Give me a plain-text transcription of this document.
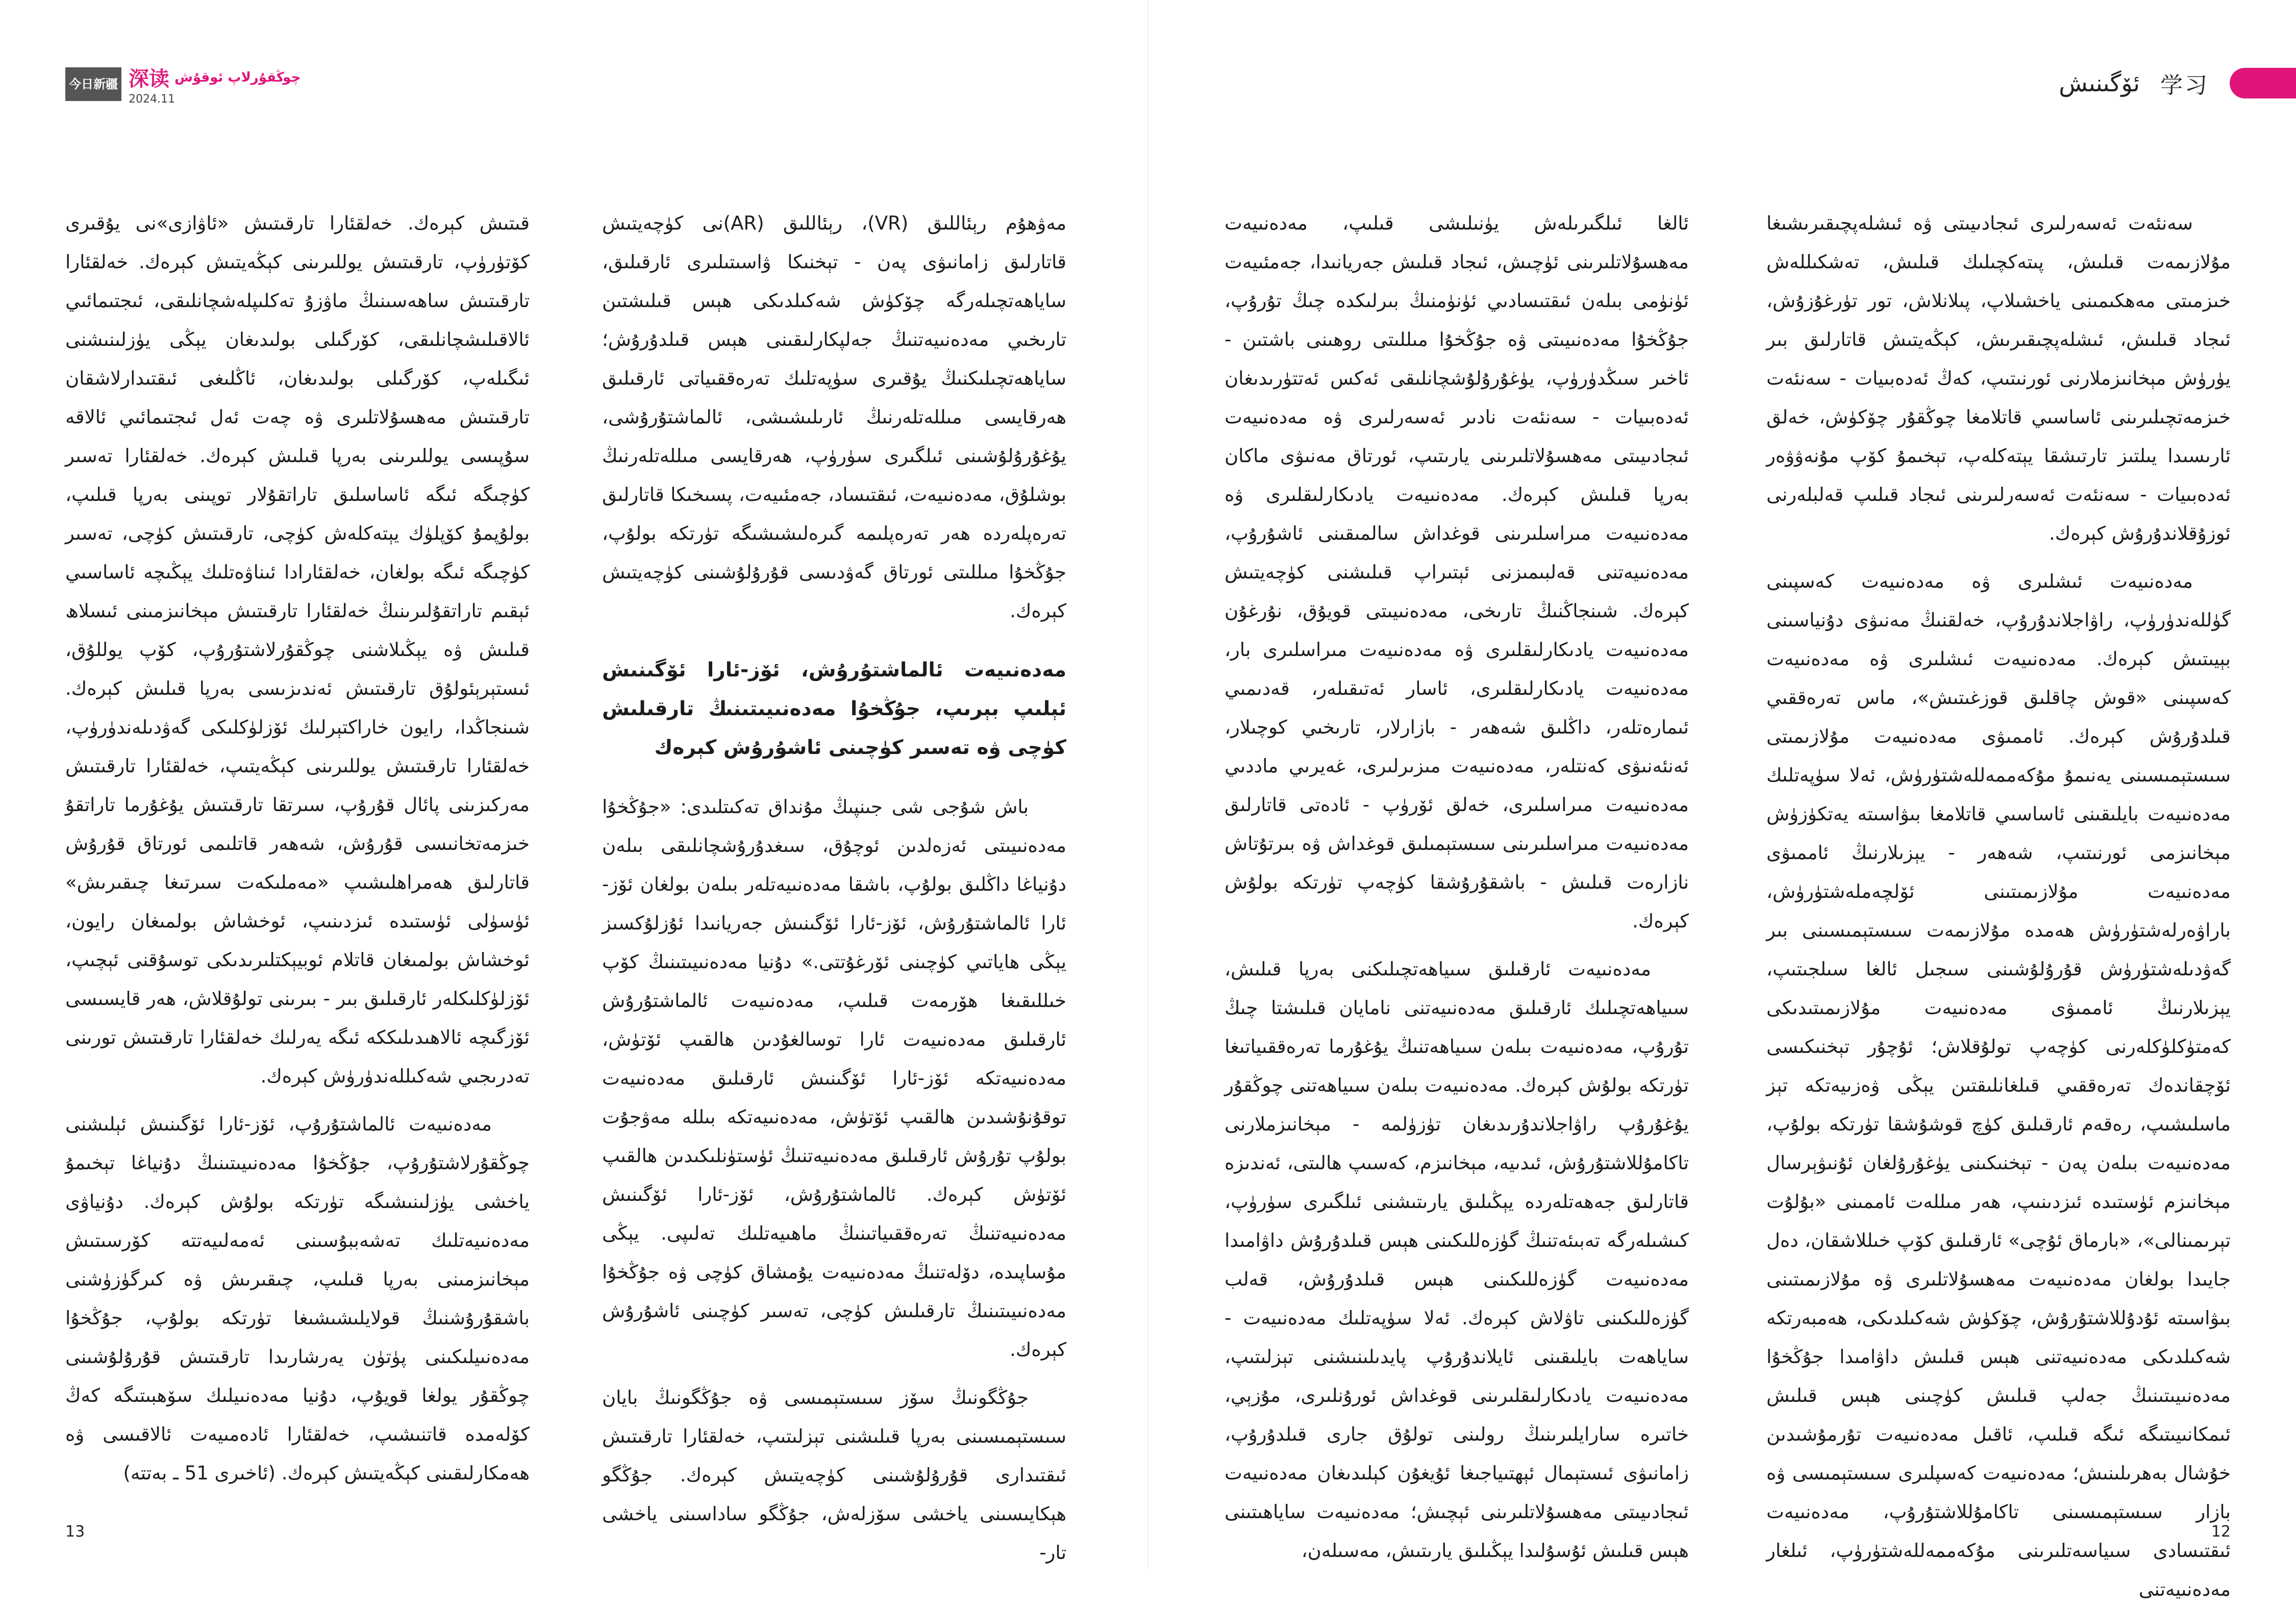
今日新疆 深读 چوڭقۇرلاپ ئوقۇش
2024.11

مەۋھۇم رېئاللىق (VR)، رېئاللىق (AR)نى كۈچەيتىش قاتارلىق زامانىۋى پەن - تېخنىكا ۋاسىتىلىرى ئارقىلىق، ساياھەتچىلەرگە چۆكۈش شەكىلدىكى ھېس قىلىشتىن تارىخىي مەدەنىيەتنىڭ جەلپكارلىقىنى ھېس قىلدۇرۇش؛ ساياھەتچىلىكنىڭ يۇقىرى سۈپەتلىك تەرەققىياتى ئارقىلىق ھەرقايسى مىللەتلەرنىڭ ئارىلىشىشى، ئالماشتۇرۇشى، يۇغۇرۇلۇشىنى ئىلگىرى سۈرۈپ، ھەرقايسى مىللەتلەرنىڭ بوشلۇق، مەدەنىيەت، ئىقتىساد، جەمئىيەت، پسىخىكا قاتارلىق تەرەپلەردە ھەر تەرەپلىمە گىرەلىشىشىگە تۈرتكە بولۇپ، جۇڭخۇا مىللىتى ئورتاق گەۋدىسى قۇرۇلۇشىنى كۈچەيتىش كېرەك.

مەدەنىيەت ئالماشتۇرۇش، ئۆز-ئارا ئۆگىنىش ئېلىپ بېرىپ، جۇڭخۇا مەدەنىيىتىنىڭ تارقىلىش كۈچى ۋە تەسىر كۈچىنى ئاشۇرۇش كېرەك

باش شۇجى شى جىنپىڭ مۇنداق تەكىتلىدى: «جۇڭخۇا مەدەنىيىتى ئەزەلدىن ئوچۇق، سىغدۇرۇشچانلىقى بىلەن دۇنياغا داڭلىق بولۇپ، باشقا مەدەنىيەتلەر بىلەن بولغان ئۆز-ئارا ئالماشتۇرۇش، ئۆز-ئارا ئۆگىنىش جەريانىدا ئۇزلۇكسىز يېڭى ھاياتىي كۈچىنى ئۆرغۇتتى.» دۇنيا مەدەنىيىتىنىڭ كۆپ خىللىقىغا ھۆرمەت قىلىپ، مەدەنىيەت ئالماشتۇرۇش ئارقىلىق مەدەنىيەت ئارا توسالغۇدىن ھالقىپ ئۆتۈش، مەدەنىيەتكە ئۆز-ئارا ئۆگىنىش ئارقىلىق مەدەنىيەت توقۇنۇشىدىن ھالقىپ ئۆتۈش، مەدەنىيەتكە بىللە مەۋجۇت بولۇپ تۇرۇش ئارقىلىق مەدەنىيەتنىڭ ئۈستۈنلىكىدىن ھالقىپ ئۆتۈش كېرەك. ئالماشتۇرۇش، ئۆز-ئارا ئۆگىنىش مەدەنىيەتنىڭ تەرەققىياتىنىڭ ماھىيەتلىك تەلىپى. يېڭى مۇساپىدە، دۆلەتنىڭ مەدەنىيەت يۇمشاق كۈچى ۋە جۇڭخۇا مەدەنىيىتىنىڭ تارقىلىش كۈچى، تەسىر كۈچىنى ئاشۇرۇش كېرەك.

جۇڭگونىڭ سۆز سىستېمىسى ۋە جۇڭگونىڭ بايان سىستېمىسىنى بەرپا قىلىشنى تېزلىتىپ، خەلقئارا تارقىتىش ئىقتىدارى قۇرۇلۇشىنى كۈچەيتىش كېرەك. جۇڭگو ھېكايىسىنى ياخشى سۆزلەش، جۇڭگو ساداسىنى ياخشى تار-

قىتىش كېرەك. خەلقئارا تارقىتىش «ئاۋازى»نى يۇقىرى كۆتۈرۈپ، تارقىتىش يوللىرىنى كېڭەيتىش كېرەك. خەلقئارا تارقىتىش ساھەسىنىڭ ماۋزۇ تەكلىپلەشچانلىقى، ئىجتىمائىي ئالاقىلىشچانلىقى، كۆرگىلى بولىدىغان يېڭى يۈزلىنىشنى ئىگىلەپ، كۆرگىلى بولىدىغان، ئاڭلىغى ئىقتىدارلاشقان تارقىتىش مەھسۇلاتلىرى ۋە چەت ئەل ئىجتىمائىي ئالاقە سۇپىسى يوللىرىنى بەرپا قىلىش كېرەك. خەلقئارا تەسىر كۈچىگە ئىگە ئاساسلىق تاراتقۇلار توپىنى بەرپا قىلىپ، بولۇپمۇ كۆپلۈك يېتەكلەش كۈچى، تارقىتىش كۈچى، تەسىر كۈچىگە ئىگە بولغان، خەلقئارادا ئىناۋەتلىك يېڭىچە ئاساسىي ئېقىم تاراتقۇلىرىنىڭ خەلقئارا تارقىتىش مېخانىزمىنى ئىسلاھ قىلىش ۋە يېڭىلاشنى چوڭقۇرلاشتۇرۇپ، كۆپ يوللۇق، ئىستېرېئولۇق تارقىتىش ئەندىزىسى بەرپا قىلىش كېرەك. شىنجاڭدا، رايون خاراكتېرلىك ئۆزلۈكلىكى گەۋدىلەندۈرۈپ، خەلقئارا تارقىتىش يوللىرىنى كېڭەيتىپ، خەلقئارا تارقىتىش مەركىزىنى پائال قۇرۇپ، سىرتقا تارقىتىش يۇغۇرما تاراتقۇ خىزمەتخانىسى قۇرۇش، شەھەر قاتلىمى ئورتاق قۇرۇش قاتارلىق ھەمراھلىشىپ «مەملىكەت سىرتىغا چىقىرىش» ئۈسۈلى ئۈستىدە ئىزدىنىپ، ئوخشاش بولمىغان رايون، ئوخشاش بولمىغان قاتلام ئوبيېكتلىرىدىكى توسۇقنى ئېچىپ، ئۆزلۈكلىكلەر ئارقىلىق بىر - بىرىنى تولۇقلاش، ھەر قايسىسى ئۆزگىچە ئالاھىدىلىككە ئىگە يەرلىك خەلقئارا تارقىتىش تورىنى تەدرىجىي شەكىللەندۈرۈش كېرەك.

مەدەنىيەت ئالماشتۇرۇپ، ئۆز-ئارا ئۆگىنىش ئېلىشنى چوڭقۇرلاشتۇرۇپ، جۇڭخۇا مەدەنىيىتىنىڭ دۇنياغا تېخىمۇ ياخشى يۈزلىنىشىگە تۈرتكە بولۇش كېرەك. دۇنياۋى مەدەنىيەتلىك تەشەببۇسىنى ئەمەلىيەتتە كۆرسىتىش مېخانىزمىنى بەرپا قىلىپ، چىقىرىش ۋە كىرگۈزۈشنى باشقۇرۇشنىڭ قولايلىشىشىغا تۈرتكە بولۇپ، جۇڭخۇا مەدەنىيلىكىنى پۈتۈن يەرشارىدا تارقىتىش قۇرۇلۇشىنى چوڭقۇر يولغا قويۇپ، دۇنيا مەدەنىيلىك سۆھبىتىگە كەڭ كۆلەمدە قاتنىشىپ، خەلقئارا ئادەمىيەت ئالاقىسى ۋە ھەمكارلىقىنى كېڭەيتىش كېرەك. (ئاخىرى 51 ـ بەتتە)

13
ئۆگىنىش 学习

سەنئەت ئەسەرلىرى ئىجادىيىتى ۋە ئىشلەپچىقىرىشىغا مۇلازىمەت قىلىش، پىتەكچىلىك قىلىش، تەشكىللەش خىزمىتى مەھكىمىنى ياخشىلاپ، پىلانلاش، تور تۈرغۇزۇش، ئىجاد قىلىش، ئىشلەپچىقىرىش، كېڭەيتىش قاتارلىق بىر يۈرۈش مېخانىزملارنى ئورنىتىپ، كەڭ ئەدەبىيات - سەنئەت خىزمەتچىلىرىنى ئاساسىي قاتلامغا چوڭقۇر چۆكۈش، خەلق ئارىسىدا يىلتىز تارتىشقا يېتەكلەپ، تېخىمۇ كۆپ مۇنەۋۋەر ئەدەبىيات - سەنئەت ئەسەرلىرىنى ئىجاد قىلىپ قەلبلەرنى ئوزۇقلاندۇرۇش كېرەك.

مەدەنىيەت ئىشلىرى ۋە مەدەنىيەت كەسپىنى گۈللەندۈرۈپ، راۋاجلاندۇرۇپ، خەلقنىڭ مەنىۋى دۇنياسىنى بېيىتىش كېرەك. مەدەنىيەت ئىشلىرى ۋە مەدەنىيەت كەسپىنى «قوش چاقلىق قوزغىتىش»، ماس تەرەققىي قىلدۇرۇش كېرەك. ئاممىۋى مەدەنىيەت مۇلازىمىتى سىستېمىسىنى يەنىمۇ مۇكەممەللەشتۈرۈش، ئەلا سۈپەتلىك مەدەنىيەت بايلىقىنى ئاساسىي قاتلامغا بىۋاسىتە يەتكۈزۈش مېخانىزمى ئورنىتىپ، شەھەر - يېزىلارنىڭ ئاممىۋى مەدەنىيەت مۇلازىمىتىنى ئۆلچەملەشتۈرۈش، باراۋەرلەشتۈرۈش ھەمدە مۇلازىمەت سىستېمىسىنى بىر گەۋدىلەشتۈرۈش قۇرۇلۇشىنى سىجىل ئالغا سىلجىتىپ، يېزىلارنىڭ ئاممىۋى مەدەنىيەت مۇلازىمىتىدىكى كەمتۈكلۈكلەرنى كۈچەپ تولۇقلاش؛ ئۇچۇر تېخنىكىسى ئۆچقاندەك تەرەققىي قىلغانلىقتىن يېڭى ۋەزىيەتكە تېز ماسلىشىپ، رەقەم ئارقىلىق كۈچ قوشۇشقا تۈرتكە بولۇپ، مەدەنىيەت بىلەن پەن - تېخنىكىنى يۈغۇرۇلغان ئۇنىۋېرسال مېخانىزم ئۈستىدە ئىزدىنىپ، ھەر مىللەت ئاممىنى «بۇلۇت تېرىمىنالى»، «بارماق ئۇچى» ئارقىلىق كۆپ خىللاشقان، دەل جايىدا بولغان مەدەنىيەت مەھسۇلاتلىرى ۋە مۇلازىمىتىنى بىۋاسىتە ئۇدۇللاشتۇرۇش، چۆكۈش شەكىلدىكى، ھەمبەرتكە شەكىلدىكى مەدەنىيەتنى ھېس قىلىش داۋامىدا جۇڭخۇا مەدەنىيىتىنىڭ جەلپ قىلىش كۈچىنى ھېس قىلىش ئىمكانىيىتىگە ئىگە قىلىپ، ئاقىل مەدەنىيەت تۇرمۇشىدىن خۇشال بەھرىلىنىش؛ مەدەنىيەت كەسپلىرى سىستېمىسى ۋە بازار سىستېمىسىنى تاكامۇللاشتۇرۇپ، مەدەنىيەت ئىقتىسادى سىياسەتلىرىنى مۇكەممەللەشتۈرۈپ، ئىلغار مەدەنىيەتنى

ئالغا ئىلگىرىلەش يۈنىلىشى قىلىپ، مەدەنىيەت مەھسۇلاتلىرىنى ئۈچىش، ئىجاد قىلىش جەريانىدا، جەمئىيەت ئۈنۈمى بىلەن ئىقتىسادىي ئۈنۈمنىڭ بىرلىكدە چىڭ تۇرۇپ، جۇڭخۇا مەدەنىيىتى ۋە جۇڭخۇا مىللىتى روھىنى باشتىن - ئاخىر سىڭدۈرۈپ، يۈغۇرۇلۇشچانلىقى ئەكس ئەتتۈرىدىغان ئەدەبىيات - سەنئەت نادىر ئەسەرلىرى ۋە مەدەنىيەت ئىجادىيىتى مەھسۇلاتلىرىنى يارىتىپ، ئورتاق مەنىۋى ماكان بەرپا قىلىش كېرەك. مەدەنىيەت يادىكارلىقلىرى ۋە مەدەنىيەت مىراسلىرىنى قوغداش سالمىقىنى ئاشۇرۇپ، مەدەنىيەتنى قەلبىمىزنى ئېتىراپ قىلىشنى كۈچەيتىش كېرەك. شىنجاڭنىڭ تارىخى، مەدەنىيىتى قويۇق، نۇرغۇن مەدەنىيەت يادىكارلىقلىرى ۋە مەدەنىيەت مىراسلىرى بار، مەدەنىيەت يادىكارلىقلىرى، ئاسار ئەتىقىلەر، قەدىمىي ئىمارەتلەر، داڭلىق شەھەر - بازارلار، تارىخىي كوچىلار، ئەنئەنىۋى كەنتلەر، مەدەنىيەت مىزىرلىرى، غەيرىي ماددىي مەدەنىيەت مىراسلىرى، خەلق ئۆرۈپ - ئادەتى قاتارلىق مەدەنىيەت مىراسلىرىنى سىستېمىلىق قوغداش ۋە بىرتۇتاش نازارەت قىلىش - باشقۇرۇشقا كۈچەپ تۈرتكە بولۇش كېرەك.

مەدەنىيەت ئارقىلىق سىياھەتچىلىكنى بەرپا قىلىش، سىياھەتچىلىك ئارقىلىق مەدەنىيەتنى نامايان قىلىشتا چىڭ تۇرۇپ، مەدەنىيەت بىلەن سىياھەتنىڭ يۇغۇرما تەرەققىياتىغا تۈرتكە بولۇش كېرەك. مەدەنىيەت بىلەن سىياھەتنى چوڭقۇر يۇغۇرۇپ راۋاجلاندۇرىدىغان تۈزۈلمە - مېخانىزملارنى تاكامۇللاشتۇرۇش، ئىدىيە، مېخانىزم، كەسىپ ھالىتى، ئەندىزە قاتارلىق جەھەتلەردە يېڭىلىق يارىتىشنى ئىلگىرى سۈرۈپ، كىشىلەرگە تەبىئەتنىڭ گۈزەللىكىنى ھېس قىلدۇرۇش داۋامىدا مەدەنىيەت گۈزەللىكىنى ھېس قىلدۇرۇش، قەلب گۈزەللىكىنى تاۋلاش كېرەك. ئەلا سۈپەتلىك مەدەنىيەت - ساياھەت بايلىقىنى ئايلاندۇرۇپ پايدىلىنىشنى تېزلىتىپ، مەدەنىيەت يادىكارلىقلىرىنى قوغداش ئورۇنلىرى، مۇزېي، خاتىرە سارايلىرىنىڭ رولىنى تولۇق جارى قىلدۇرۇپ، زامانىۋى ئىستېمال ئېھتىياجىغا ئۇيغۇن كېلىدىغان مەدەنىيەت ئىجادىيىتى مەھسۇلاتلىرىنى ئېچىش؛ مەدەنىيەت ساياھىتىنى ھېس قىلىش ئۇسۇلىدا يېڭىلىق يارىتىش، مەسىلەن،

12
